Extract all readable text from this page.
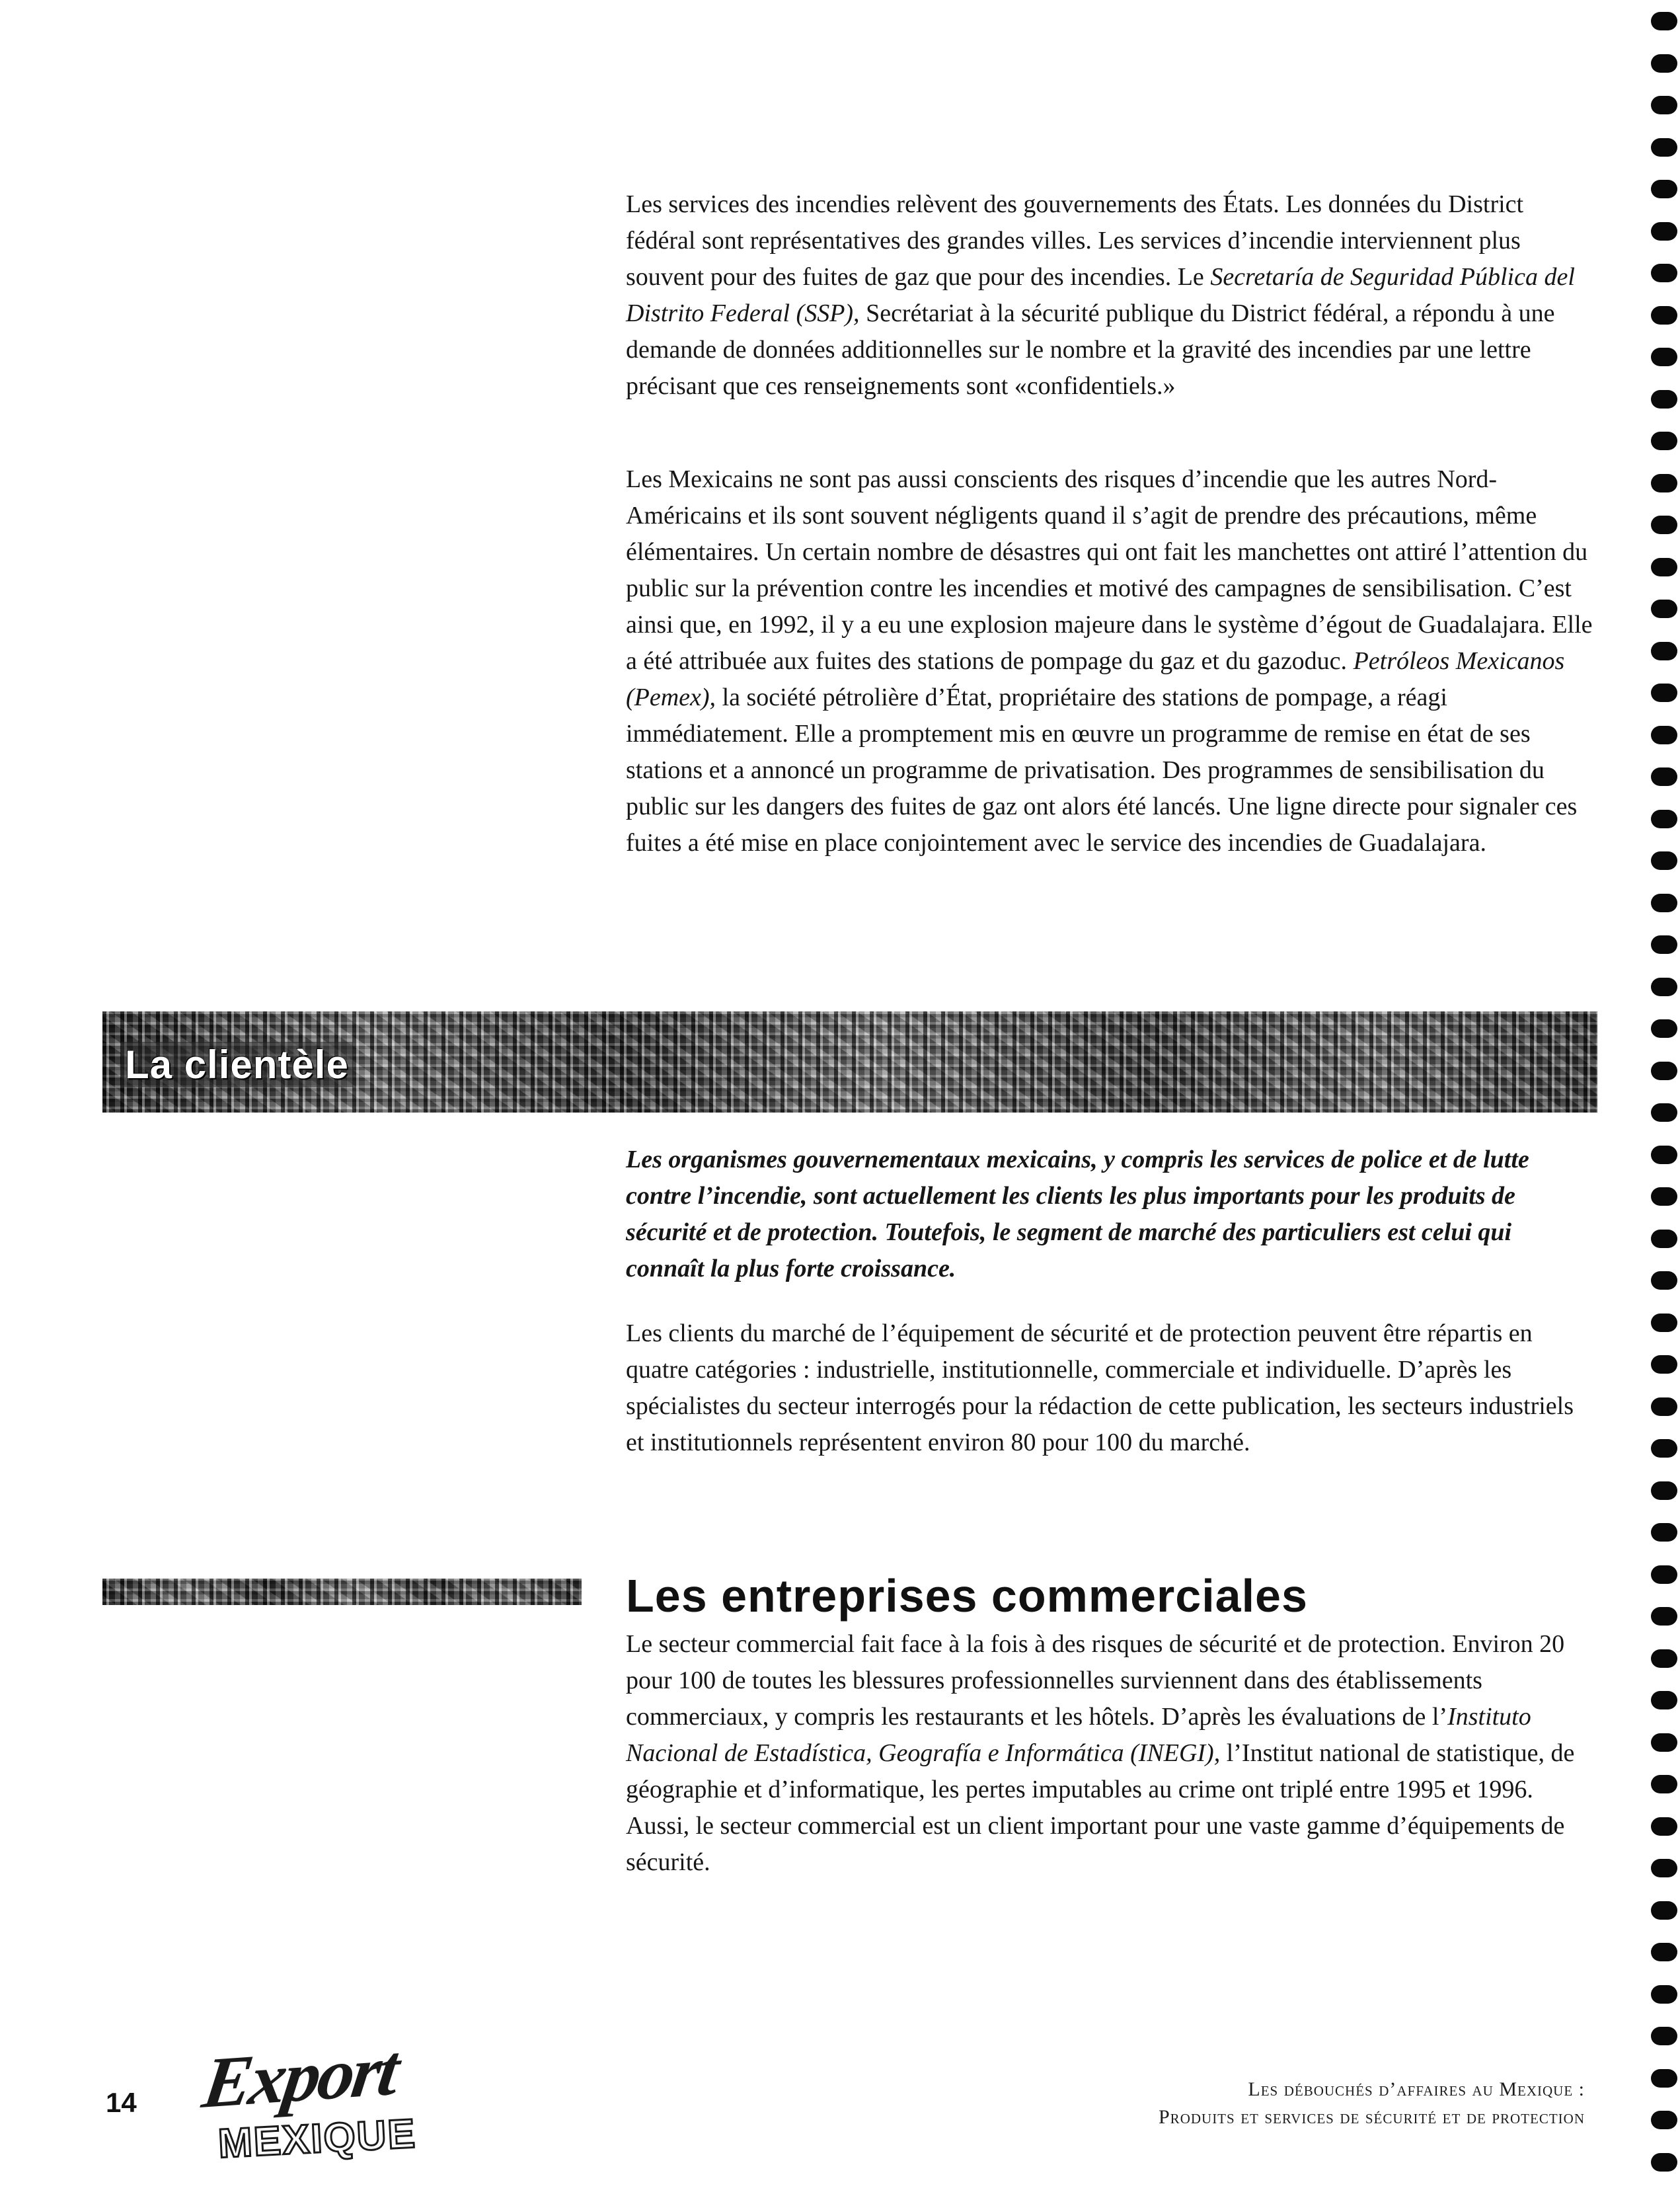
Les services des incendies relèvent des gouvernements des États. Les données du District fédéral sont représentatives des grandes villes. Les services d’incendie interviennent plus souvent pour des fuites de gaz que pour des incendies. Le Secretaría de Seguridad Pública del Distrito Federal (SSP), Secrétariat à la sécurité publique du District fédéral, a répondu à une demande de données additionnelles sur le nombre et la gravité des incendies par une lettre précisant que ces renseignements sont «confidentiels.»

Les Mexicains ne sont pas aussi conscients des risques d’incendie que les autres Nord-Américains et ils sont souvent négligents quand il s’agit de prendre des précautions, même élémentaires. Un certain nombre de désastres qui ont fait les manchettes ont attiré l’attention du public sur la prévention contre les incendies et motivé des campagnes de sensibilisation. C’est ainsi que, en 1992, il y a eu une explosion majeure dans le système d’égout de Guadalajara. Elle a été attribuée aux fuites des stations de pompage du gaz et du gazoduc. Petróleos Mexicanos (Pemex), la société pétrolière d’État, propriétaire des stations de pompage, a réagi immédiatement. Elle a promptement mis en œuvre un programme de remise en état de ses stations et a annoncé un programme de privatisation. Des programmes de sensibilisation du public sur les dangers des fuites de gaz ont alors été lancés. Une ligne directe pour signaler ces fuites a été mise en place conjointement avec le service des incendies de Guadalajara.

La clientèle

Les organismes gouvernementaux mexicains, y compris les services de police et de lutte contre l’incendie, sont actuellement les clients les plus importants pour les produits de sécurité et de protection. Toutefois, le segment de marché des particuliers est celui qui connaît la plus forte croissance.

Les clients du marché de l’équipement de sécurité et de protection peuvent être répartis en quatre catégories : industrielle, institutionnelle, commerciale et individuelle. D’après les spécialistes du secteur interrogés pour la rédaction de cette publication, les secteurs industriels et institutionnels représentent environ 80 pour 100 du marché.

Les entreprises commerciales

Le secteur commercial fait face à la fois à des risques de sécurité et de protection. Environ 20 pour 100 de toutes les blessures professionnelles surviennent dans des établissements commerciaux, y compris les restaurants et les hôtels. D’après les évaluations de l’Instituto Nacional de Estadística, Geografía e Informática (INEGI), l’Institut national de statistique, de géographie et d’informatique, les pertes imputables au crime ont triplé entre 1995 et 1996. Aussi, le secteur commercial est un client important pour une vaste gamme d’équipements de sécurité.

14 Export
MEXIQUE
Les débouchés d’affaires au Mexique :
Produits et services de sécurité et de protection
